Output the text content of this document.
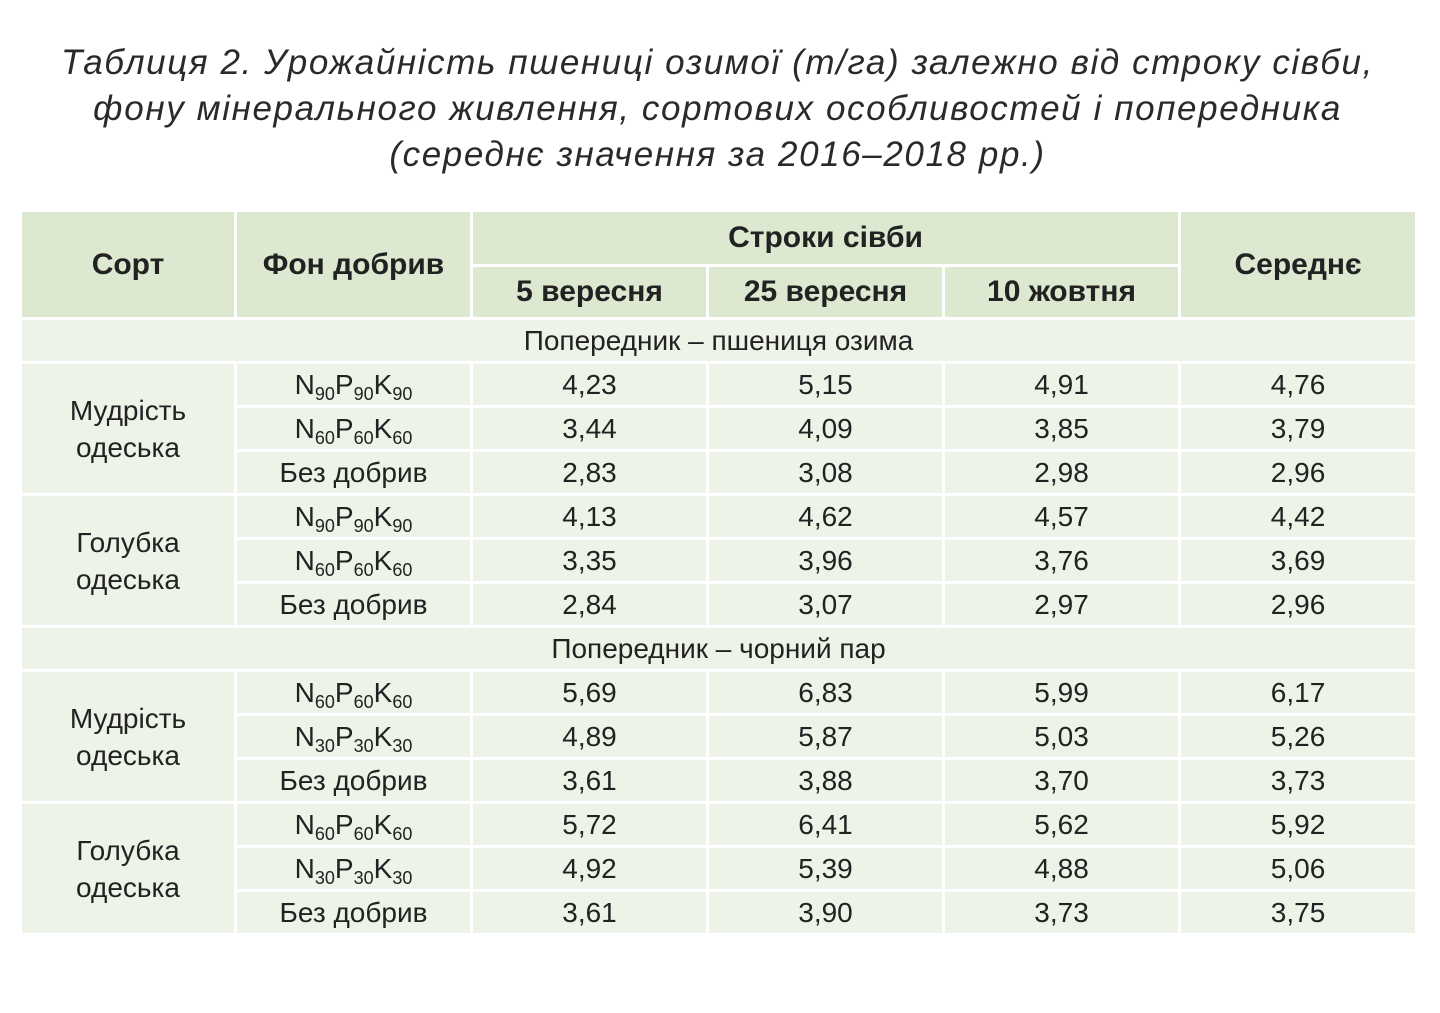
Таблиця 2. Урожайність пшениці озимої (т/га) залежно від строку сівби,
фону мінерального живлення, сортових особливостей і попередника
(середнє значення за 2016–2018 рр.)
Сорт	Фон добрив	Строки сівби			Середнє
		5 вересня	25 вересня	10 жовтня	
Попередник – пшениця озима					

Мудрість
одеська	$N_{90}P_{90}K_{90}$	4,23	5,15	4,91	4,76
	$N_{60}P_{60}K_{60}$	3,44	4,09	3,85	3,79
	Без добрив	2,83	3,08	2,98	2,96

Голубка
одеська	$N_{90}P_{90}K_{90}$	4,13	4,62	4,57	4,42
	$N_{60}P_{60}K_{60}$	3,35	3,96	3,76	3,69
	Без добрив	2,84	3,07	2,97	2,96
Попередник – чорний пар					

Мудрість
одеська	$N_{60}P_{60}K_{60}$	5,69	6,83	5,99	6,17
	$N_{30}P_{30}K_{30}$	4,89	5,87	5,03	5,26
	Без добрив	3,61	3,88	3,70	3,73

Голубка
одеська	$N_{60}P_{60}K_{60}$	5,72	6,41	5,62	5,92
	$N_{30}P_{30}K_{30}$	4,92	5,39	4,88	5,06
	Без добрив	3,61	3,90	3,73	3,75
